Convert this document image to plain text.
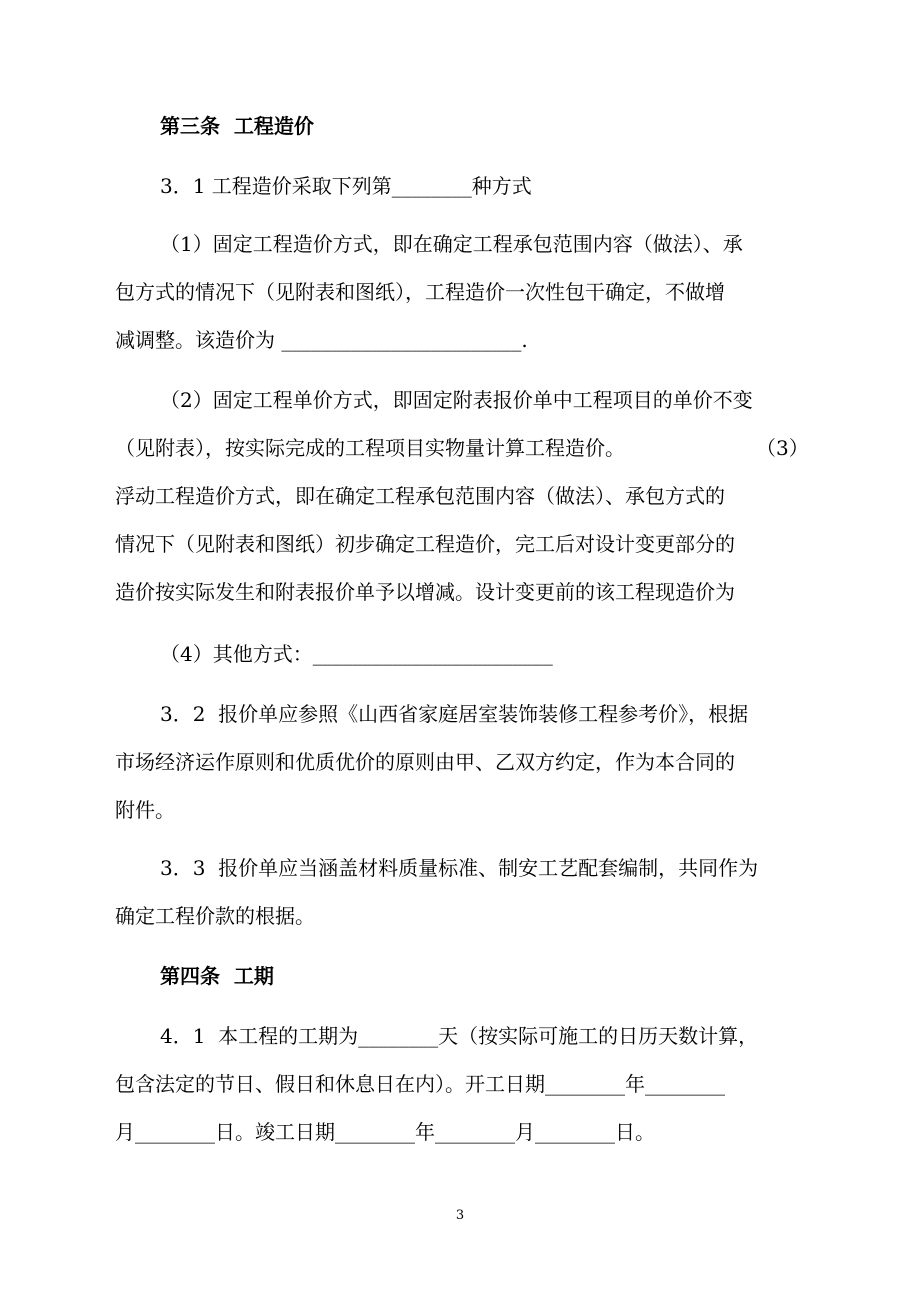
第三条  工程造价
3．1 工程造价采取下列第________种方式
（1）固定工程造价方式，即在确定工程承包范围内容（做法）、承
包方式的情况下（见附表和图纸），工程造价一次性包干确定，不做增
减调整。该造价为 ________________________.
（2）固定工程单价方式，即固定附表报价单中工程项目的单价不变
（见附表），按实际完成的工程项目实物量计算工程造价。	（3）
浮动工程造价方式，即在确定工程承包范围内容（做法）、承包方式的
情况下（见附表和图纸）初步确定工程造价，完工后对设计变更部分的
造价按实际发生和附表报价单予以增减。设计变更前的该工程现造价为
（4）其他方式：________________________
3．2  报价单应参照《山西省家庭居室装饰装修工程参考价》，根据
市场经济运作原则和优质优价的原则由甲、乙双方约定，作为本合同的
附件。
3．3  报价单应当涵盖材料质量标准、制安工艺配套编制，共同作为
确定工程价款的根据。
第四条  工期
4．1  本工程的工期为________天（按实际可施工的日历天数计算，
包含法定的节日、假日和休息日在内）。开工日期________年________
月________日。竣工日期________年________月________日。
3
